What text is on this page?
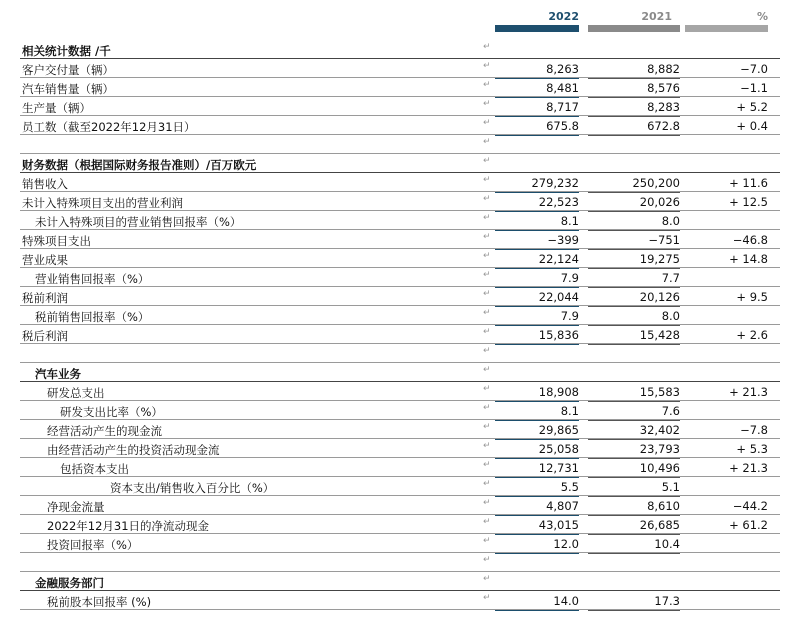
2022	2021	%
相关统计数据 /千	↵
客户交付量（辆）	8,263	8,882	−7.0
↵
汽车销售量（辆）	8,481	8,576	−1.1
↵
生产量（辆）	8,717	8,283	+ 5.2
↵
员工数（截至2022年12月31日）	675.8	672.8	+ 0.4
↵
↵
财务数据（根据国际财务报告准则）/百万欧元	↵
销售收入	279,232	250,200	+ 11.6
↵
未计入特殊项目支出的营业利润	22,523	20,026	+ 12.5
↵
未计入特殊项目的营业销售回报率（%）	8.1	8.0
↵
特殊项目支出	−399	−751	−46.8
↵
营业成果	22,124	19,275	+ 14.8
↵
营业销售回报率（%）	7.9	7.7
↵
税前利润	22,044	20,126	+ 9.5
↵
税前销售回报率（%）	7.9	8.0
↵
税后利润	15,836	15,428	+ 2.6
↵
↵
汽车业务	↵
研发总支出	18,908	15,583	+ 21.3
↵
研发支出比率（%）	8.1	7.6
↵
经营活动产生的现金流	29,865	32,402	−7.8
↵
由经营活动产生的投资活动现金流	25,058	23,793	+ 5.3
↵
包括资本支出	12,731	10,496	+ 21.3
↵
资本支出/销售收入百分比（%）	5.5	5.1
↵
净现金流量	4,807	8,610	−44.2
↵
2022年12月31日的净流动现金	43,015	26,685	+ 61.2
↵
投资回报率（%）	12.0	10.4
↵
↵
金融服务部门	↵
税前股本回报率 (%)	14.0	17.3
↵
